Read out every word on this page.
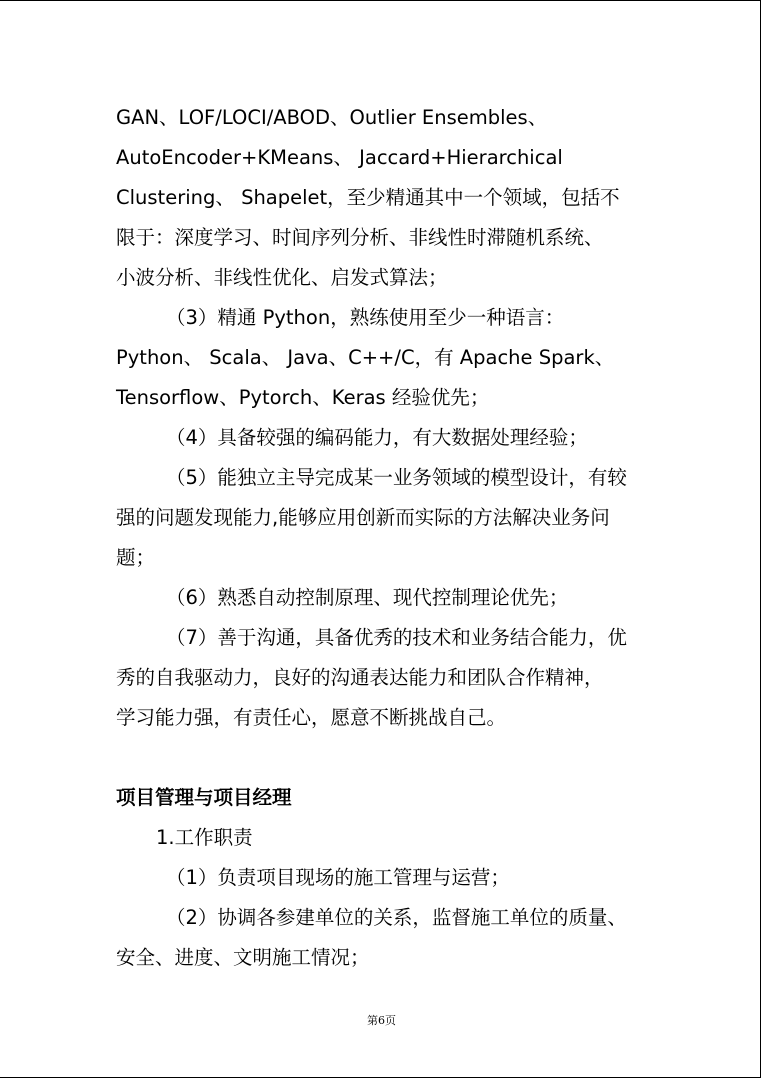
GAN、LOF/LOCI/ABOD、Outlier Ensembles、
AutoEncoder+KMeans、 Jaccard+Hierarchical
Clustering、 Shapelet，至少精通其中一个领域，包括不
限于：深度学习、时间序列分析、非线性时滞随机系统、
小波分析、非线性优化、启发式算法；
（3）精通 Python，熟练使用至少一种语言：
Python、 Scala、 Java、C++/C，有 Apache Spark、
Tensorflow、Pytorch、Keras 经验优先；
（4）具备较强的编码能力，有大数据处理经验；
（5）能独立主导完成某一业务领域的模型设计，有较
强的问题发现能力,能够应用创新而实际的方法解决业务问
题；
（6）熟悉自动控制原理、现代控制理论优先；
（7）善于沟通，具备优秀的技术和业务结合能力，优
秀的自我驱动力，良好的沟通表达能力和团队合作精神，
学习能力强，有责任心，愿意不断挑战自己。
项目管理与项目经理
1.工作职责
（1）负责项目现场的施工管理与运营；
（2）协调各参建单位的关系，监督施工单位的质量、
安全、进度、文明施工情况；
第6页
